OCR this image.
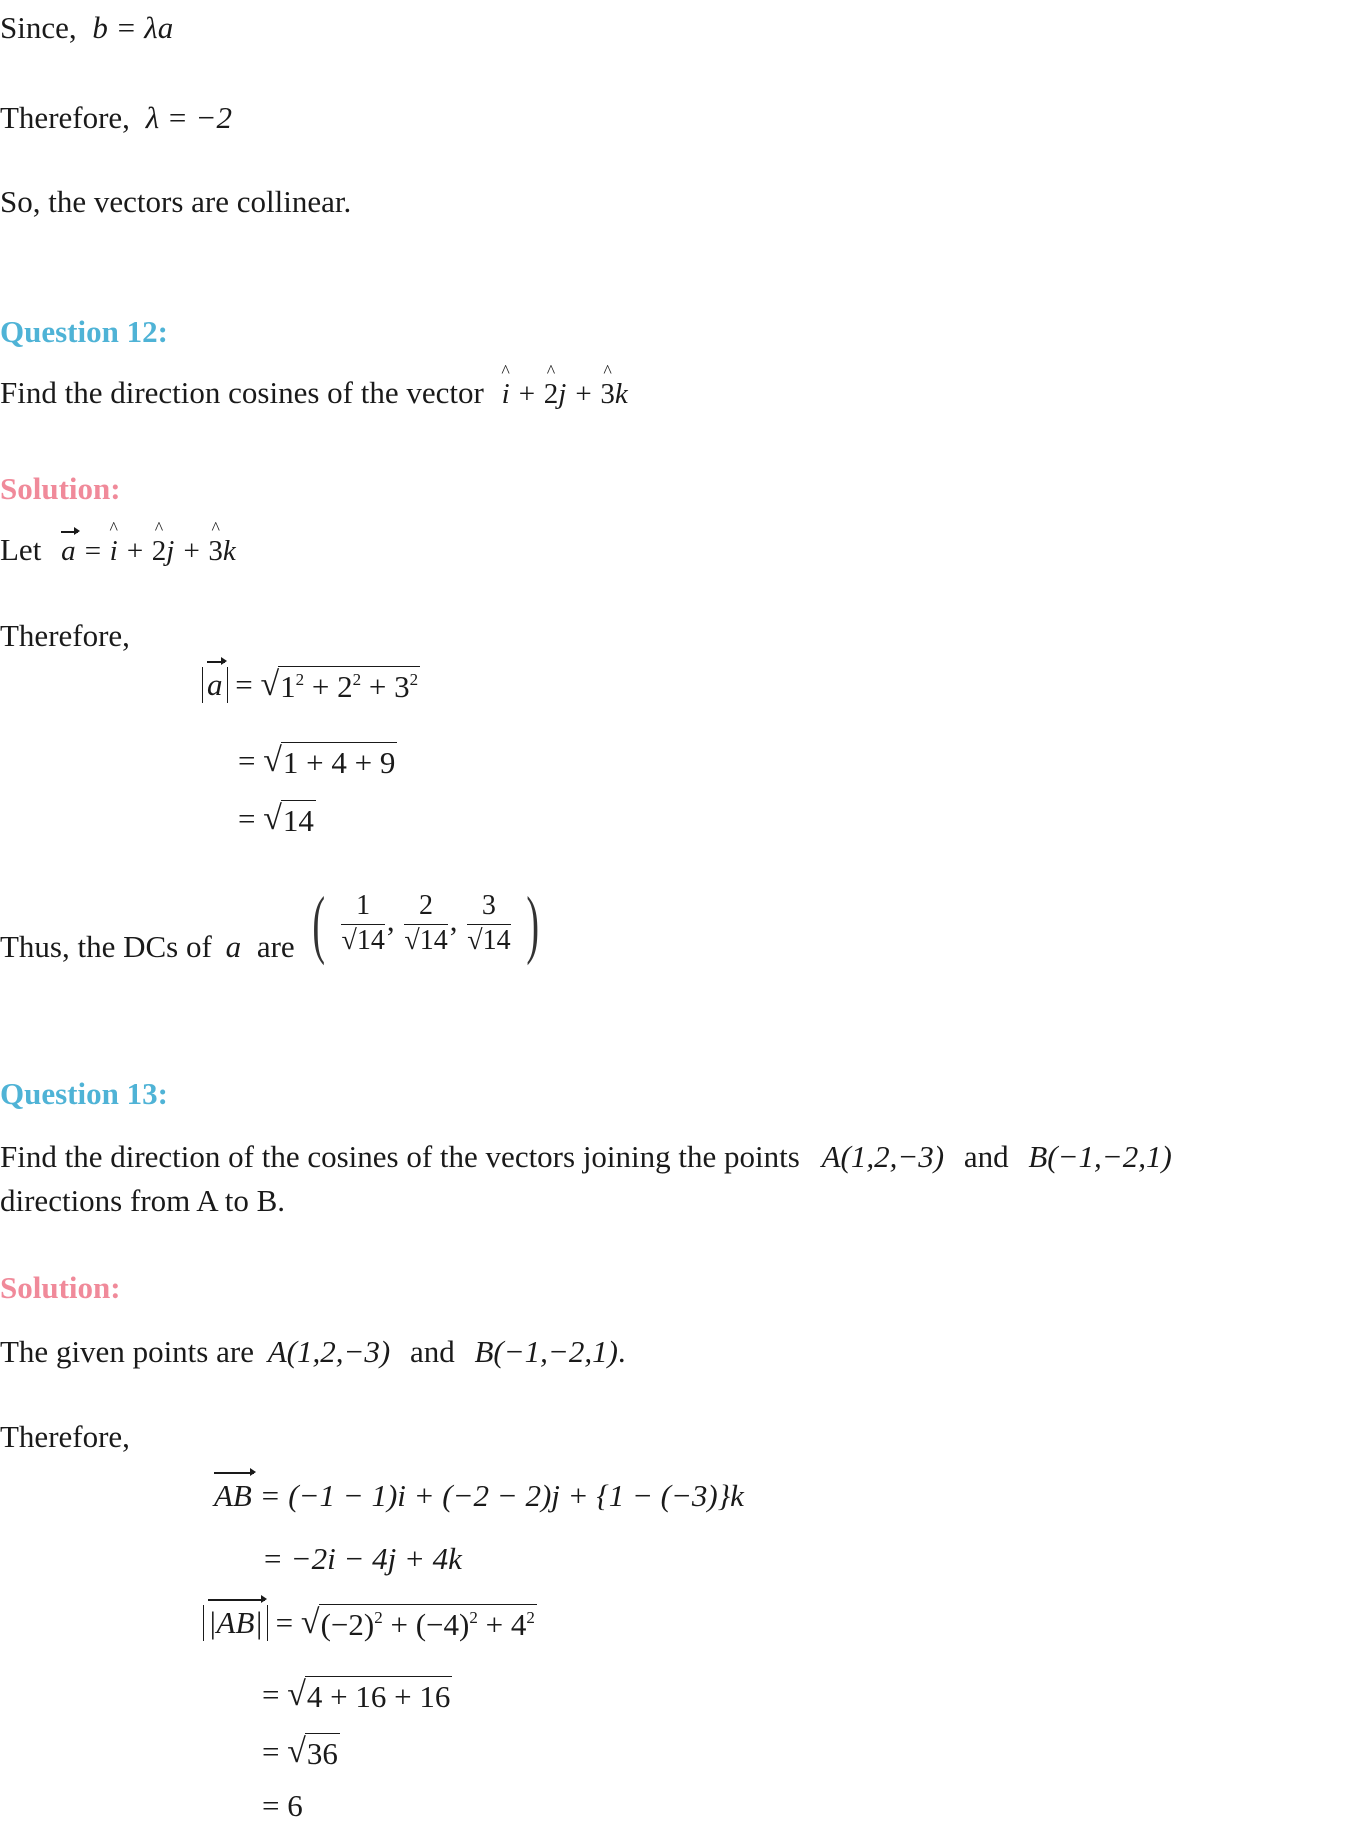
Since, b = λa
Therefore, λ = −2
So, the vectors are collinear.
Question 12:
Find the direction cosines of the vector ^ i + ^ 2j + ^ 3k
Solution:
Let a = ^ i + ^ 2j + ^ 3k
Therefore,
a = √ $1^2 + 2^2 + 3^2$
= √ 1 + 4 + 9
= √ 14
Thus, the DCs of a are ( $\frac{1}{√14}$ , $\frac{2}{√14}$ , $\frac{3}{√14}$ )
Question 13:
Find the direction of the cosines of the vectors joining the points A(1,2,−3) and B(−1,−2,1)
directions from A to B.
Solution:
The given points are A(1,2,−3) and B(−1,−2,1).
Therefore,
AB = (−1 − 1)i + (−2 − 2)j + {1 − (−3)}k
= −2i − 4j + 4k
|AB| = √ $(-2)^2 + (-4)^2 + 4^2$
= √ 4 + 16 + 16
= √ 36
= 6
